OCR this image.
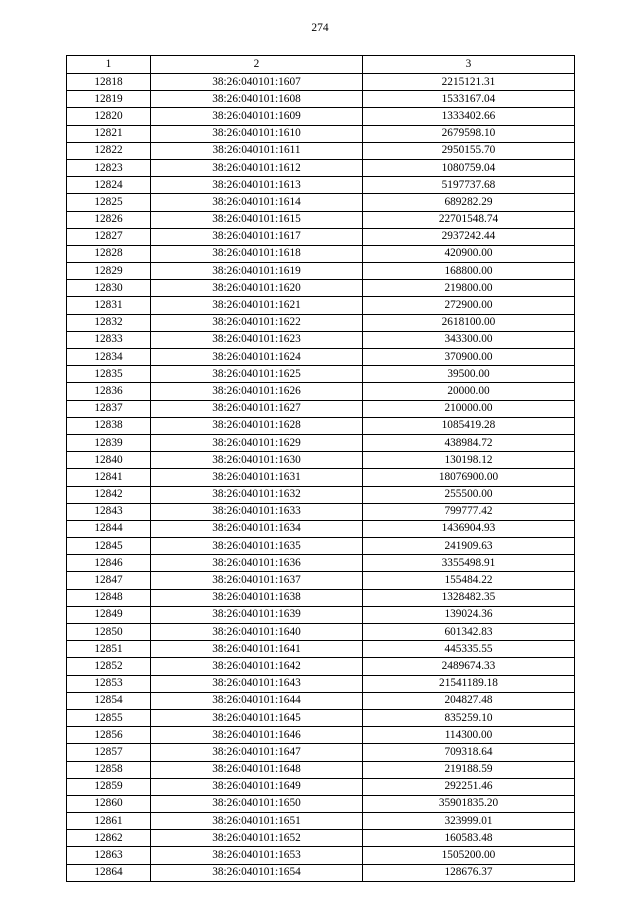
274
1	2	3
12818	38:26:040101:1607	2215121.31
12819	38:26:040101:1608	1533167.04
12820	38:26:040101:1609	1333402.66
12821	38:26:040101:1610	2679598.10
12822	38:26:040101:1611	2950155.70
12823	38:26:040101:1612	1080759.04
12824	38:26:040101:1613	5197737.68
12825	38:26:040101:1614	689282.29
12826	38:26:040101:1615	22701548.74
12827	38:26:040101:1617	2937242.44
12828	38:26:040101:1618	420900.00
12829	38:26:040101:1619	168800.00
12830	38:26:040101:1620	219800.00
12831	38:26:040101:1621	272900.00
12832	38:26:040101:1622	2618100.00
12833	38:26:040101:1623	343300.00
12834	38:26:040101:1624	370900.00
12835	38:26:040101:1625	39500.00
12836	38:26:040101:1626	20000.00
12837	38:26:040101:1627	210000.00
12838	38:26:040101:1628	1085419.28
12839	38:26:040101:1629	438984.72
12840	38:26:040101:1630	130198.12
12841	38:26:040101:1631	18076900.00
12842	38:26:040101:1632	255500.00
12843	38:26:040101:1633	799777.42
12844	38:26:040101:1634	1436904.93
12845	38:26:040101:1635	241909.63
12846	38:26:040101:1636	3355498.91
12847	38:26:040101:1637	155484.22
12848	38:26:040101:1638	1328482.35
12849	38:26:040101:1639	139024.36
12850	38:26:040101:1640	601342.83
12851	38:26:040101:1641	445335.55
12852	38:26:040101:1642	2489674.33
12853	38:26:040101:1643	21541189.18
12854	38:26:040101:1644	204827.48
12855	38:26:040101:1645	835259.10
12856	38:26:040101:1646	114300.00
12857	38:26:040101:1647	709318.64
12858	38:26:040101:1648	219188.59
12859	38:26:040101:1649	292251.46
12860	38:26:040101:1650	35901835.20
12861	38:26:040101:1651	323999.01
12862	38:26:040101:1652	160583.48
12863	38:26:040101:1653	1505200.00
12864	38:26:040101:1654	128676.37
